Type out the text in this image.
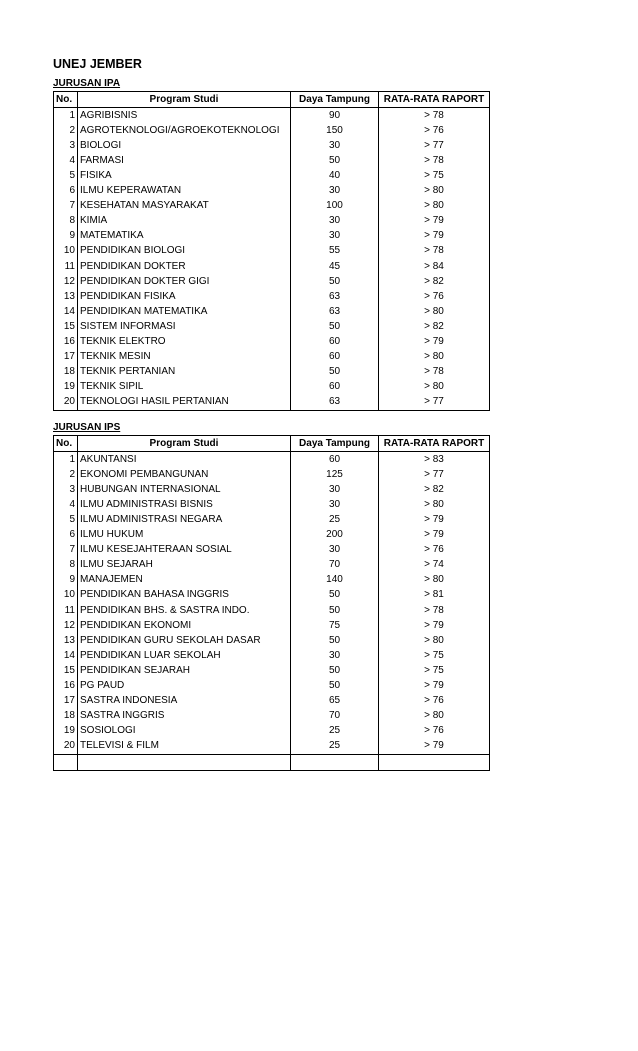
UNEJ JEMBER
JURUSAN IPA
No.	Program Studi	Daya Tampung	RATA-RATA RAPORT
1	AGRIBISNIS	90	> 78
2	AGROTEKNOLOGI/AGROEKOTEKNOLOGI	150	> 76
3	BIOLOGI	30	> 77
4	FARMASI	50	> 78
5	FISIKA	40	> 75
6	ILMU KEPERAWATAN	30	> 80
7	KESEHATAN MASYARAKAT	100	> 80
8	KIMIA	30	> 79
9	MATEMATIKA	30	> 79
10	PENDIDIKAN BIOLOGI	55	> 78
11	PENDIDIKAN DOKTER	45	> 84
12	PENDIDIKAN DOKTER GIGI	50	> 82
13	PENDIDIKAN FISIKA	63	> 76
14	PENDIDIKAN MATEMATIKA	63	> 80
15	SISTEM INFORMASI	50	> 82
16	TEKNIK ELEKTRO	60	> 79
17	TEKNIK MESIN	60	> 80
18	TEKNIK PERTANIAN	50	> 78
19	TEKNIK SIPIL	60	> 80
20	TEKNOLOGI HASIL PERTANIAN	63	> 77
JURUSAN IPS
No.	Program Studi	Daya Tampung	RATA-RATA RAPORT
1	AKUNTANSI	60	> 83
2	EKONOMI PEMBANGUNAN	125	> 77
3	HUBUNGAN INTERNASIONAL	30	> 82
4	ILMU ADMINISTRASI BISNIS	30	> 80
5	ILMU ADMINISTRASI NEGARA	25	> 79
6	ILMU HUKUM	200	> 79
7	ILMU KESEJAHTERAAN SOSIAL	30	> 76
8	ILMU SEJARAH	70	> 74
9	MANAJEMEN	140	> 80
10	PENDIDIKAN BAHASA INGGRIS	50	> 81
11	PENDIDIKAN BHS. & SASTRA INDO.	50	> 78
12	PENDIDIKAN EKONOMI	75	> 79
13	PENDIDIKAN GURU SEKOLAH DASAR	50	> 80
14	PENDIDIKAN LUAR SEKOLAH	30	> 75
15	PENDIDIKAN SEJARAH	50	> 75
16	PG PAUD	50	> 79
17	SASTRA INDONESIA	65	> 76
18	SASTRA INGGRIS	70	> 80
19	SOSIOLOGI	25	> 76
20	TELEVISI & FILM	25	> 79
